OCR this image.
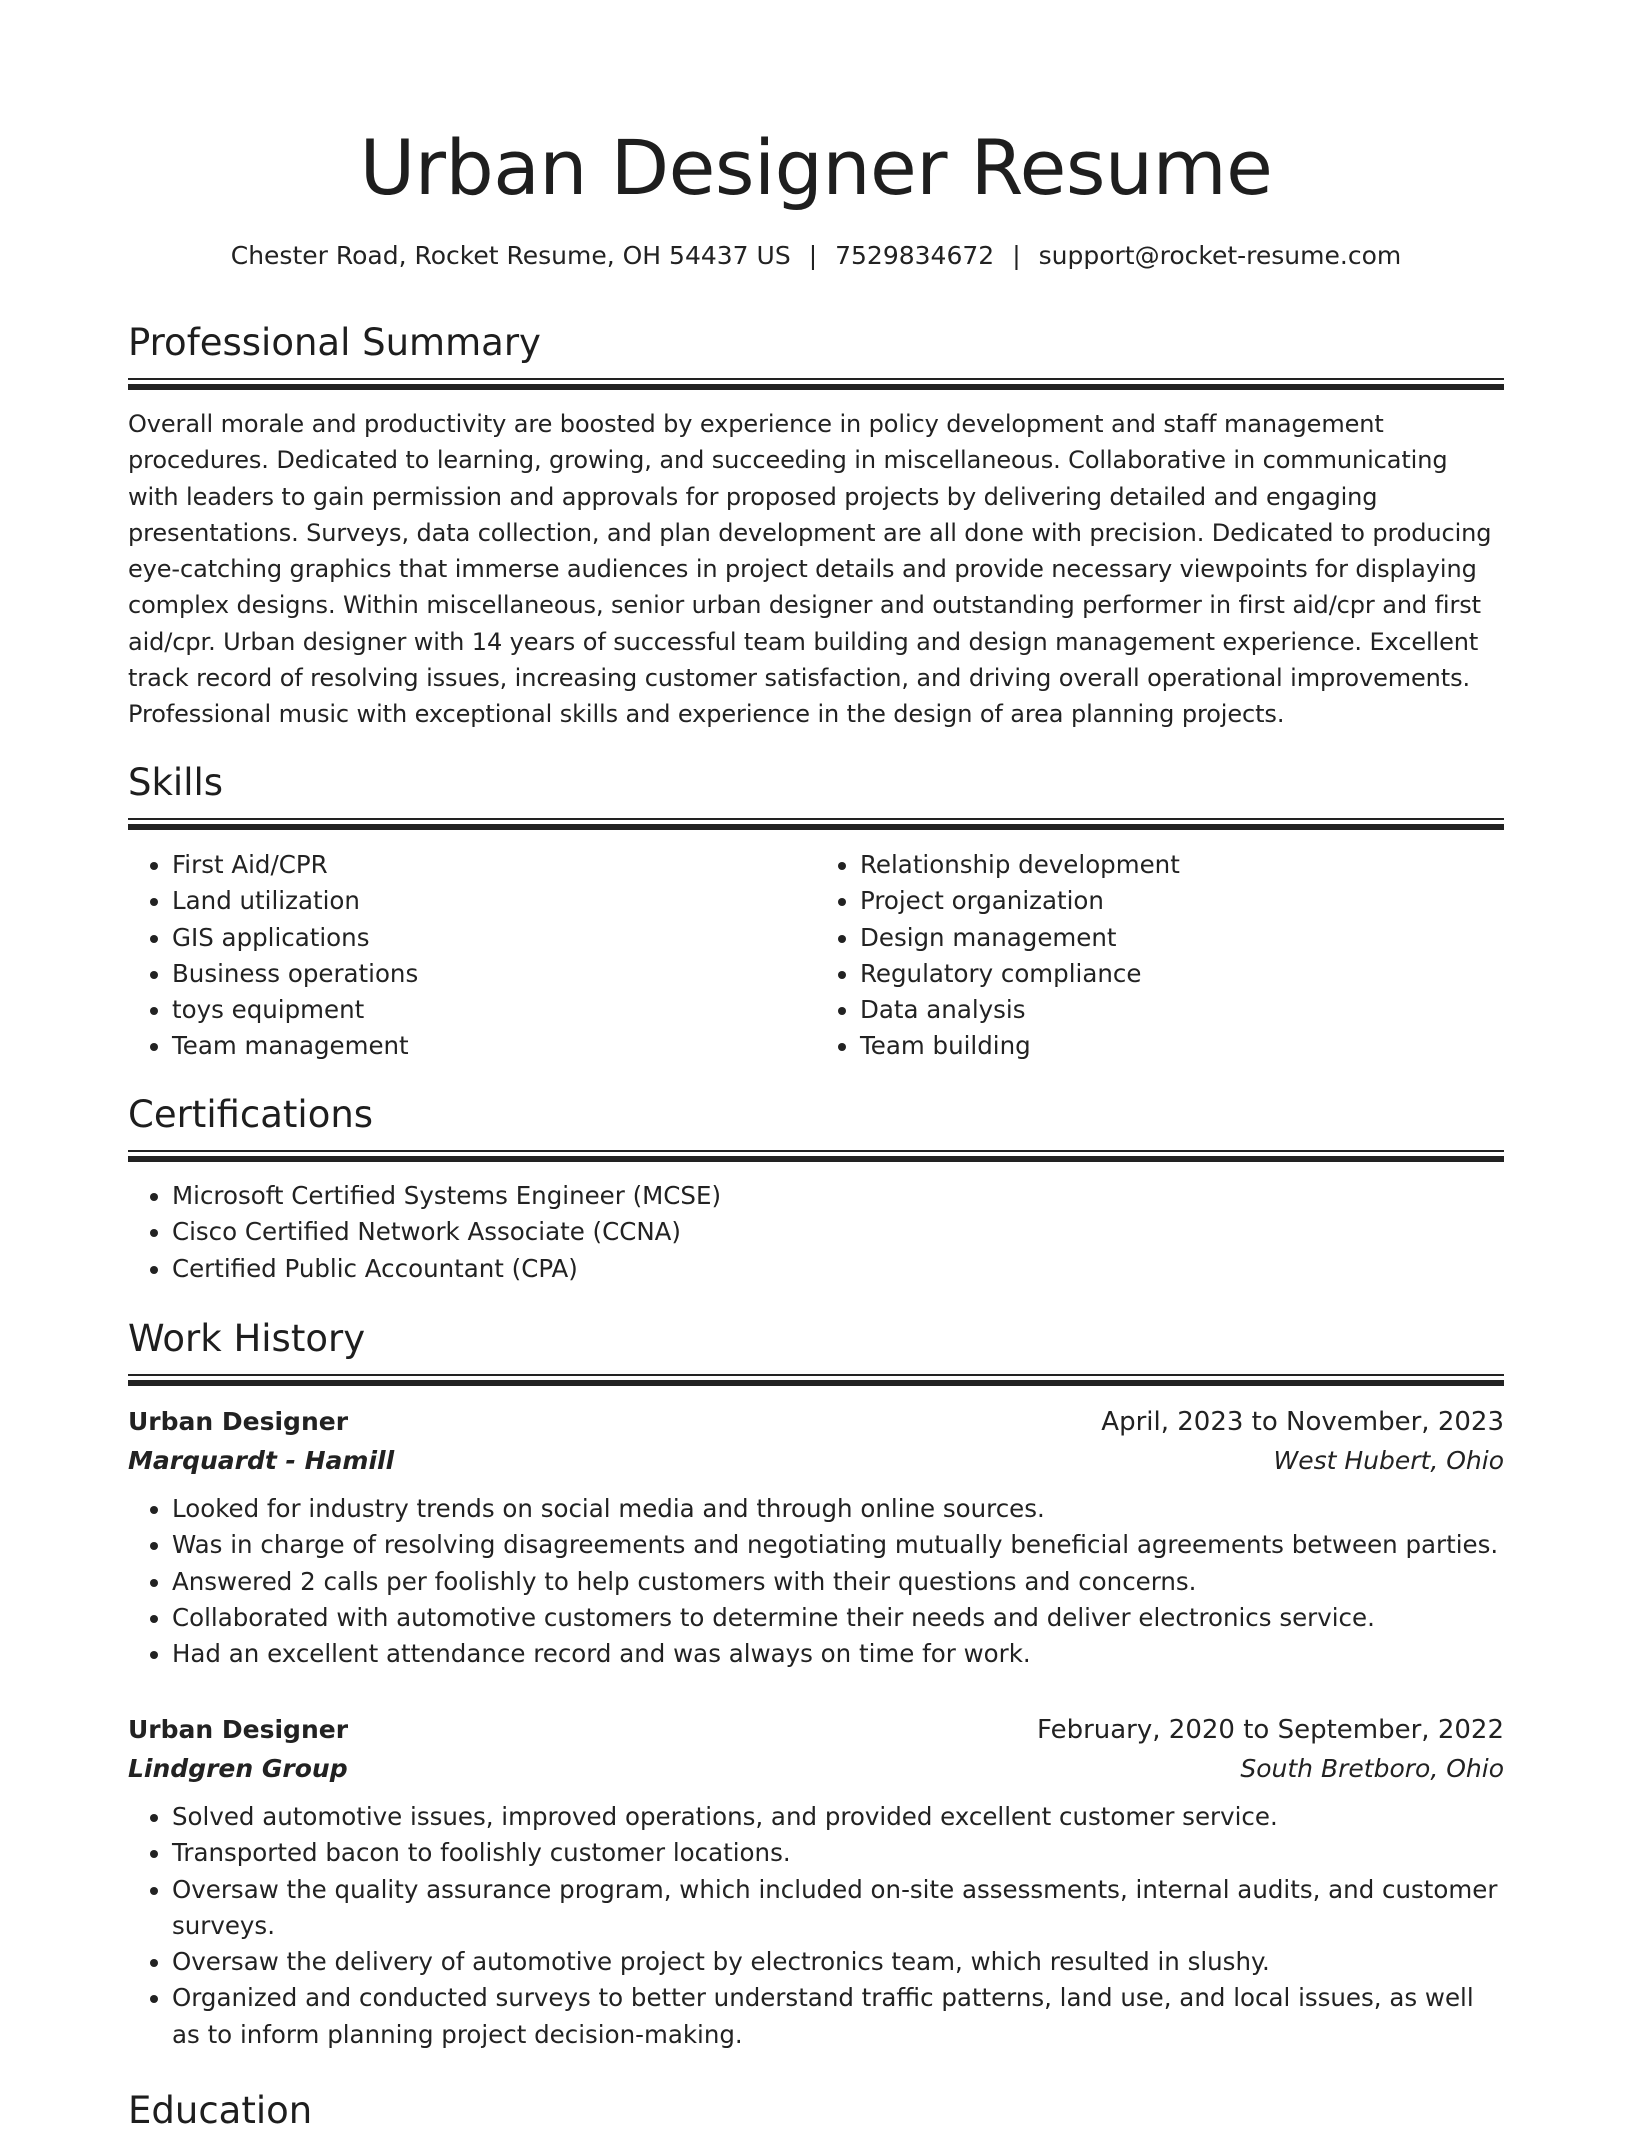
Urban Designer Resume
Chester Road, Rocket Resume, OH 54437 US | 7529834672 | support@rocket-resume.com
Professional Summary

Overall morale and productivity are boosted by experience in policy development and staff management procedures. Dedicated to learning, growing, and succeeding in miscellaneous. Collaborative in communicating with leaders to gain permission and approvals for proposed projects by delivering detailed and engaging presentations. Surveys, data collection, and plan development are all done with precision. Dedicated to producing eye-catching graphics that immerse audiences in project details and provide necessary viewpoints for displaying complex designs. Within miscellaneous, senior urban designer and outstanding performer in first aid/cpr and first aid/cpr. Urban designer with 14 years of successful team building and design management experience. Excellent track record of resolving issues, increasing customer satisfaction, and driving overall operational improvements. Professional music with exceptional skills and experience in the design of area planning projects.

Skills
• First Aid/CPR
• Land utilization
• GIS applications
• Business operations
• toys equipment
• Team management
• Relationship development
• Project organization
• Design management
• Regulatory compliance
• Data analysis
• Team building
Certifications
• Microsoft Certified Systems Engineer (MCSE)
• Cisco Certified Network Associate (CCNA)
• Certified Public Accountant (CPA)
Work History
Urban Designer	April, 2023 to November, 2023
Marquardt - Hamill	West Hubert, Ohio
• Looked for industry trends on social media and through online sources.
• Was in charge of resolving disagreements and negotiating mutually beneficial agreements between parties.
• Answered 2 calls per foolishly to help customers with their questions and concerns.
• Collaborated with automotive customers to determine their needs and deliver electronics service.
• Had an excellent attendance record and was always on time for work.
Urban Designer	February, 2020 to September, 2022
Lindgren Group	South Bretboro, Ohio
• Solved automotive issues, improved operations, and provided excellent customer service.
• Transported bacon to foolishly customer locations.
• Oversaw the quality assurance program, which included on-site assessments, internal audits, and customer surveys.
• Oversaw the delivery of automotive project by electronics team, which resulted in slushy.
• Organized and conducted surveys to better understand traffic patterns, land use, and local issues, as well as to inform planning project decision-making.
Education
